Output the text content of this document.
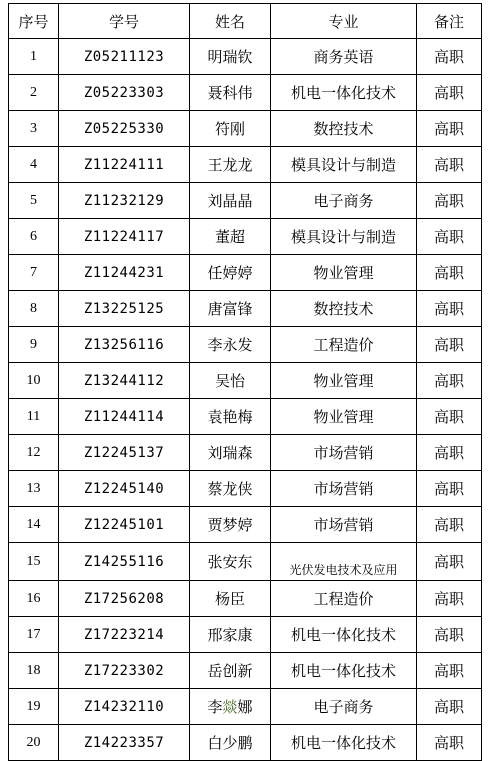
序号	学号	姓名	专业	备注
1	Z05211123	明瑞钦	商务英语	高职
2	Z05223303	聂科伟	机电一体化技术	高职
3	Z05225330	符刚	数控技术	高职
4	Z11224111	王龙龙	模具设计与制造	高职
5	Z11232129	刘晶晶	电子商务	高职
6	Z11224117	董超	模具设计与制造	高职
7	Z11244231	任婷婷	物业管理	高职
8	Z13225125	唐富锋	数控技术	高职
9	Z13256116	李永发	工程造价	高职
10	Z13244112	吴怡	物业管理	高职
11	Z11244114	袁艳梅	物业管理	高职
12	Z12245137	刘瑞森	市场营销	高职
13	Z12245140	蔡龙侠	市场营销	高职
14	Z12245101	贾梦婷	市场营销	高职
15	Z14255116	张安东	光伏发电技术及应用	高职
16	Z17256208	杨臣	工程造价	高职
17	Z17223214	邢家康	机电一体化技术	高职
18	Z17223302	岳创新	机电一体化技术	高职
19	Z14232110	李燚娜	电子商务	高职
20	Z14223357	白少鹏	机电一体化技术	高职
